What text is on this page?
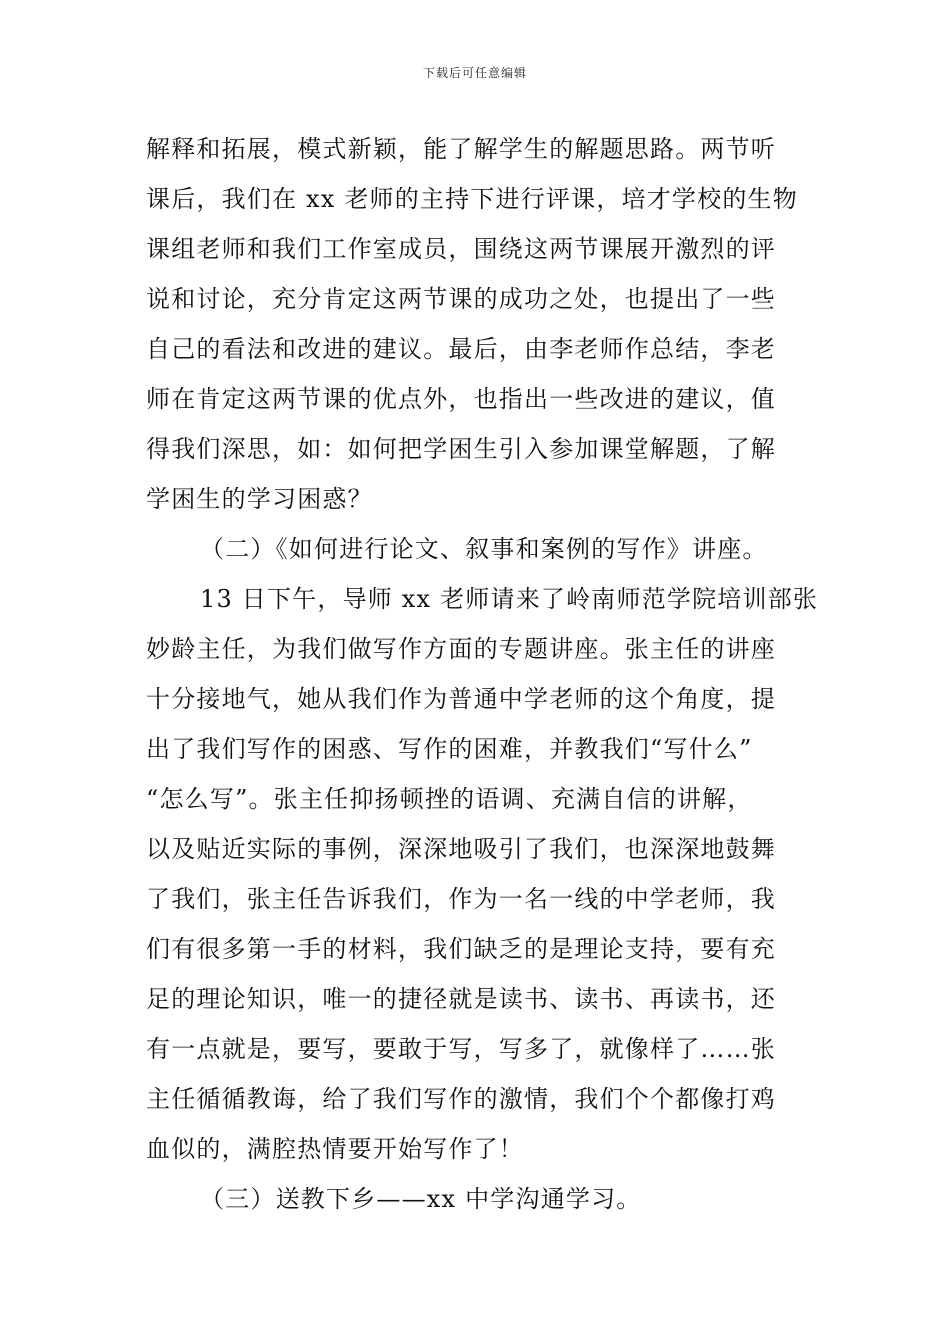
下载后可任意编辑
解释和拓展，模式新颖，能了解学生的解题思路。两节听
课后，我们在 xx 老师的主持下进行评课，培才学校的生物
课组老师和我们工作室成员，围绕这两节课展开激烈的评
说和讨论，充分肯定这两节课的成功之处，也提出了一些
自己的看法和改进的建议。最后，由李老师作总结，李老
师在肯定这两节课的优点外，也指出一些改进的建议，值
得我们深思，如：如何把学困生引入参加课堂解题，了解
学困生的学习困惑？
（二）《如何进行论文、叙事和案例的写作》讲座。
13 日下午，导师 xx 老师请来了岭南师范学院培训部张
妙龄主任，为我们做写作方面的专题讲座。张主任的讲座
十分接地气，她从我们作为普通中学老师的这个角度，提
出了我们写作的困惑、写作的困难，并教我们“写什么”
“怎么写”。张主任抑扬顿挫的语调、充满自信的讲解，
以及贴近实际的事例，深深地吸引了我们，也深深地鼓舞
了我们，张主任告诉我们，作为一名一线的中学老师，我
们有很多第一手的材料，我们缺乏的是理论支持，要有充
足的理论知识，唯一的捷径就是读书、读书、再读书，还
有一点就是，要写，要敢于写，写多了，就像样了……张
主任循循教诲，给了我们写作的激情，我们个个都像打鸡
血似的，满腔热情要开始写作了！
（三）送教下乡——xx 中学沟通学习。
